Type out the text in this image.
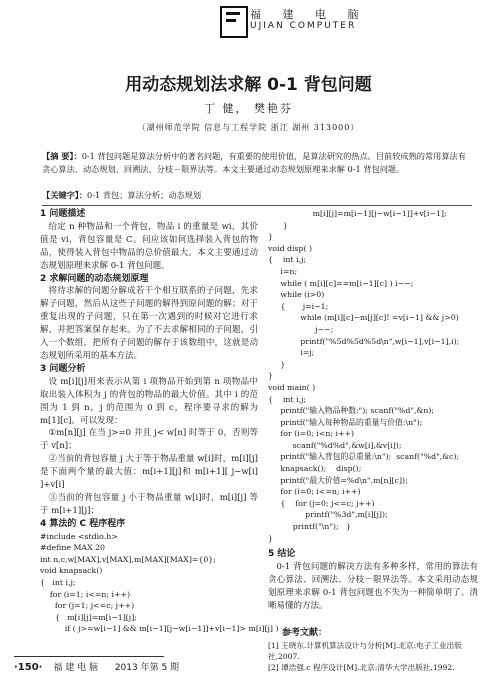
福 建 电 脑
UJIAN COMPUTER
用动态规划法求解 0-1 背包问题
丁 健， 樊艳芬
（湖州师范学院 信息与工程学院 浙江 湖州 313000）
【摘 要】：0-1 背包问题是算法分析中的著名问题，有重要的使用价值，是算法研究的热点。目前较成熟的常用算法有贪心算法、动态规划、回溯法、分枝－限界法等。本文主要通过动态规划原理来求解 0-1 背包问题。
【关键字】：0-1 背包；算法分析；动态规划
1 问题描述
给定 n 种物品和一个背包，物品 i 的重量是 wi，其价值是 vi，背包容量是 C。问应该如何选择装入背包的物品，使得装入背包中物品的总价值最大。本文主要通过动态规划原理来求解 0-1 背包问题。
2 求解问题的动态规划原理
将待求解的问题分解成若干个相互联系的子问题，先求解子问题，然后从这些子问题的解得到原问题的解；对于重复出现的子问题，只在第一次遇到的时候对它进行求解，并把答案保存起来。为了不去求解相同的子问题，引入一个数组，把所有子问题的解存于该数组中，这就是动态规划所采用的基本方法。
3 问题分析
设 m[i][j]用来表示从第 i 项物品开始到第 n 项物品中取出装入体积为 j 的背包的物品的最大价值。其中 i 的范围为 1 到 n，j 的范围为 0 到 c，程序要寻求的解为 m[1][c]。可以发现：
①m[n][j] 在当 j>=0 并且 j< w[n] 时等于 0，否则等于 v[n]；
②当前的背包容量 j 大于等于物品重量 w[i]时，m[i][j]是下面两个量的最大值：m[i+1][j]和 m[i+1][ j−w[i] ]+v[i]
③当前的背包容量 j 小于物品重量 w[i]时，m[i][j] 等于 m[i+1][j]；
4 算法的 C 程序程序
#include <stdio.h>
#define MAX 20
int n,c,w[MAX],v[MAX],m[MAX][MAX]={0};
void knapsack()
{   int i,j;
for (i=1; i<=n; i++)
for (j=1; j<=c; j++)
{   m[i][j]=m[i−1][j];
if ( j>=w[i−1] && m[i−1][j−w[i−1]]+v[i−1]> m[i][j] )
m[i][j]=m[i−1][j−w[i−1]]+v[i−1];
}
}
void disp( )
{    int i,j;
i=n;
while ( m[i][c]==m[i−1][c] ) i−−;
while (i>0)
{       j=i−1;
while (m[i][c]−m[j][c]! =v[i−1] && j>0)
j−−;
printf("%5d%5d%5d\n",w[i−1],v[i−1],i);
i=j;
}
}
void main( )
{    int i,j;
printf("输入物品种数:"); scanf("%d",&n);
printf("输入每种物品的重量与价值:\n");
for (i=0; i<n; i++)
scanf("%d%d",&w[i],&v[i]);
printf("输入背包的总重量:\n");  scanf("%d",&c);
knapsack();    disp();
printf("最大价值=%d\n",m[n][c]);
for (i=0; i<=n; i++)
{    for (j=0; j<=c; j++)
printf("%3d",m[i][j]);
printf("\n");   }
}
5 结论
0-1 背包问题的解决方法有多种多样，常用的算法有贪心算法、回溯法、分枝－限界法等。本文采用动态规划原理来求解 0-1 背包问题也不失为一种简单明了、清晰易懂的方法。
参考文献：
[1] 王晓东.计算机算法设计与分析[M].北京:电子工业出版社,2007.
[2] 谭浩强.c 程序设计[M].北京:清华大学出版社,1992.
·150· 福 建 电 脑 2013 年第 5 期
